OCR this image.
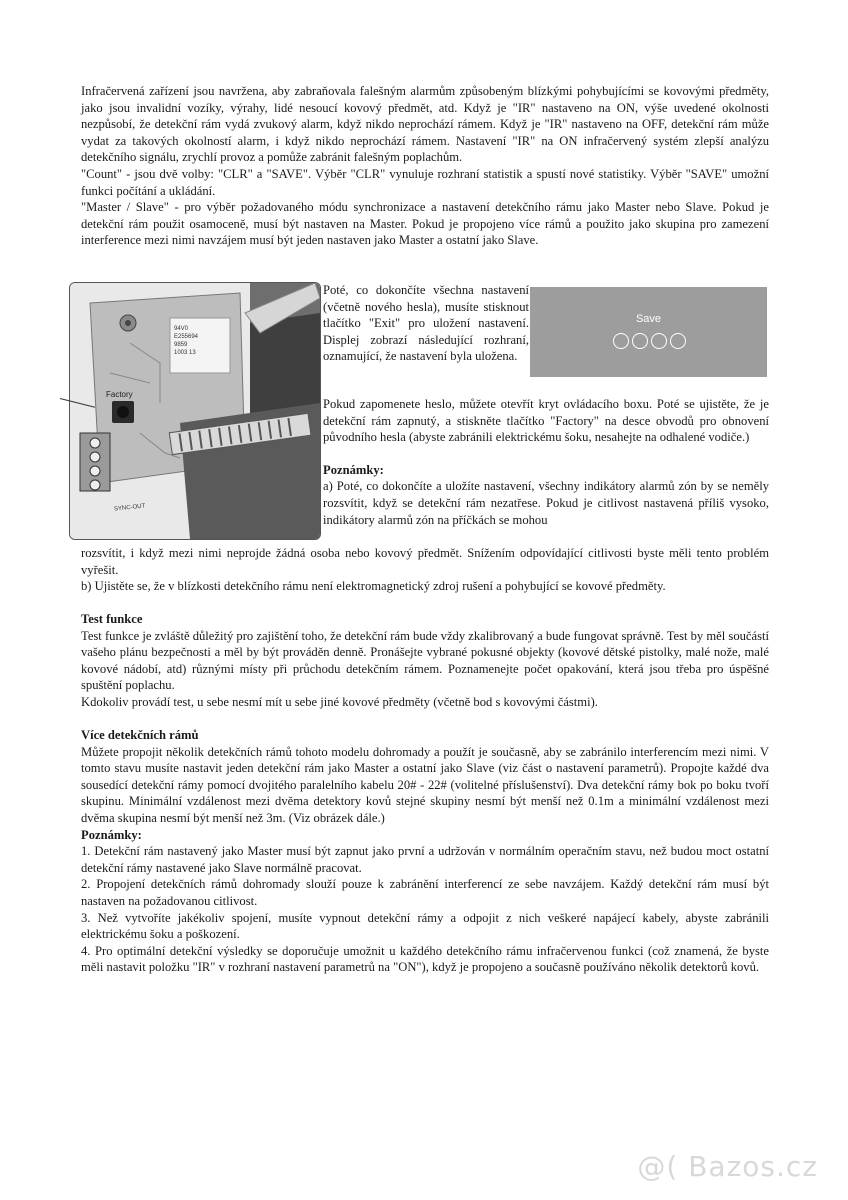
Infračervená zařízení jsou navržena, aby zabraňovala falešným alarmům způsobeným blízkými pohybujícími se kovovými předměty, jako jsou invalidní vozíky, výrahy, lidé nesoucí kovový předmět, atd. Když je "IR" nastaveno na ON, výše uvedené okolnosti nezpůsobí, že detekční rám vydá zvukový alarm, když nikdo neprochází rámem. Když je "IR" nastaveno na OFF, detekční rám může vydat za takových okolností alarm, i když nikdo neprochází rámem. Nastavení "IR" na ON infračervený systém zlepší analýzu detekčního signálu, zrychlí provoz a pomůže zabránit falešným poplachům.

"Count" - jsou dvě volby: "CLR" a "SAVE". Výběr "CLR" vynuluje rozhraní statistik a spustí nové statistiky. Výběr "SAVE" umožní funkci počítání a ukládání.

"Master / Slave" - pro výběr požadovaného módu synchronizace a nastavení detekčního rámu jako Master nebo Slave. Pokud je detekční rám použit osamoceně, musí být nastaven na Master. Pokud je propojeno více rámů a použito jako skupina pro zamezení interference mezi nimi navzájem musí být jeden nastaven jako Master a ostatní jako Slave.

Factory
94V0
E255694
9859
1003 13
SYNC-OUT
Save

Poté, co dokončíte všechna nastavení (včetně nového hesla), musíte stisknout tlačítko "Exit" pro uložení nastavení. Displej zobrazí následující rozhraní, oznamující, že nastavení byla uložena.

Pokud zapomenete heslo, můžete otevřít kryt ovládacího boxu. Poté se ujistěte, že je detekční rám zapnutý, a stiskněte tlačítko "Factory" na desce obvodů pro obnovení původního hesla (abyste zabránili elektrickému šoku, nesahejte na odhalené vodiče.)

Poznámky:

a) Poté, co dokončíte a uložíte nastavení, všechny indikátory alarmů zón by se neměly rozsvítit, když se detekční rám nezatřese. Pokud je citlivost nastavená příliš vysoko, indikátory alarmů zón na příčkách se mohou

rozsvítit, i když mezi nimi neprojde žádná osoba nebo kovový předmět. Snížením odpovídající citlivosti byste měli tento problém vyřešit.

b) Ujistěte se, že v blízkosti detekčního rámu není elektromagnetický zdroj rušení a pohybující se kovové předměty.

Test funkce

Test funkce je zvláště důležitý pro zajištění toho, že detekční rám bude vždy zkalibrovaný a bude fungovat správně. Test by měl součástí vašeho plánu bezpečnosti a měl by být prováděn denně. Pronášejte vybrané pokusné objekty (kovové dětské pistolky, malé nože, malé kovové nádobí, atd) různými místy při průchodu detekčním rámem. Poznamenejte počet opakování, která jsou třeba pro úspěšné spuštění poplachu.

Kdokoliv provádí test, u sebe nesmí mít u sebe jiné kovové předměty (včetně bod s kovovými částmi).

Více detekčních rámů

Můžete propojit několik detekčních rámů tohoto modelu dohromady a použít je současně, aby se zabránilo interferencím mezi nimi. V tomto stavu musíte nastavit jeden detekční rám jako Master a ostatní jako Slave (viz část o nastavení parametrů). Propojte každé dva sousedící detekční rámy pomocí dvojitého paralelního kabelu 20# - 22# (volitelné příslušenství). Dva detekční rámy bok po boku tvoří skupinu. Minimální vzdálenost mezi dvěma detektory kovů stejné skupiny nesmí být menší než 0.1m a minimální vzdálenost mezi dvěma skupina nesmí být menší než 3m. (Viz obrázek dále.)

Poznámky:

1. Detekční rám nastavený jako Master musí být zapnut jako první a udržován v normálním operačním stavu, než budou moct ostatní detekční rámy nastavené jako Slave normálně pracovat.

2. Propojení detekčních rámů dohromady slouží pouze k zabránění interferencí ze sebe navzájem. Každý detekční rám musí být nastaven na požadovanou citlivost.

3. Než vytvoříte jakékoliv spojení, musíte vypnout detekční rámy a odpojit z nich veškeré napájecí kabely, abyste zabránili elektrickému šoku a poškození.

4. Pro optimální detekční výsledky se doporučuje umožnit u každého detekčního rámu infračervenou funkci (což znamená, že byste měli nastavit položku "IR" v rozhraní nastavení parametrů na "ON"), když je propojeno a současně používáno několik detektorů kovů.

@( Bazos.cz
